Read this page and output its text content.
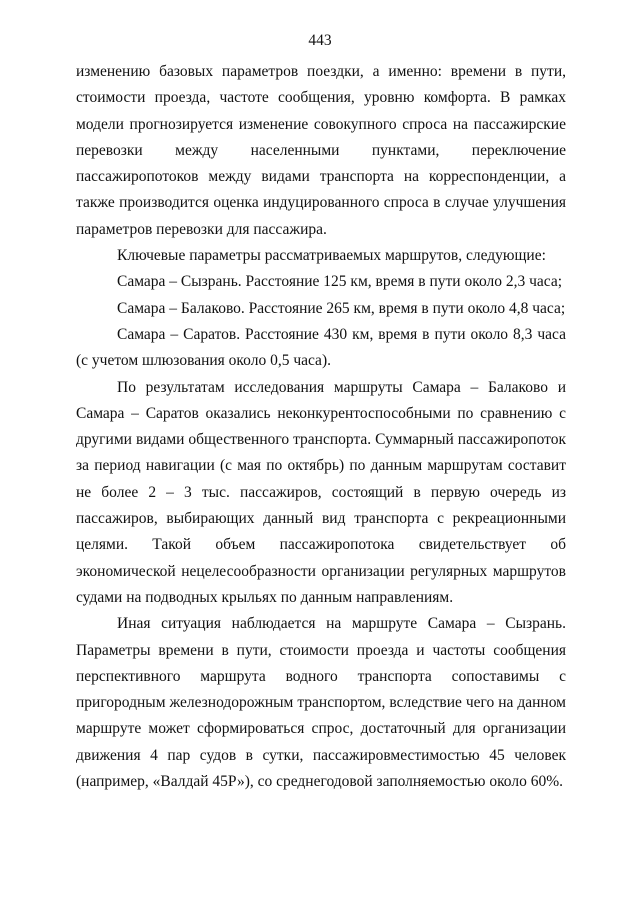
443

изменению базовых параметров поездки, а именно: времени в пути, стоимости проезда, частоте сообщения, уровню комфорта. В рамках модели прогнозируется изменение совокупного спроса на пассажирские перевозки между населенными пунктами, переключение пассажиропотоков между видами транспорта на корреспонденции, а также производится оценка индуцированного спроса в случае улучшения параметров перевозки для пассажира.

Ключевые параметры рассматриваемых маршрутов, следующие:

Самара – Сызрань. Расстояние 125 км, время в пути около 2,3 часа;

Самара – Балаково. Расстояние 265 км, время в пути около 4,8 часа;

Самара – Саратов. Расстояние 430 км, время в пути около 8,3 часа (с учетом шлюзования около 0,5 часа).

По результатам исследования маршруты Самара – Балаково и Самара – Саратов оказались неконкурентоспособными по сравнению с другими видами общественного транспорта. Суммарный пассажиропоток за период навигации (с мая по октябрь) по данным маршрутам составит не более 2 – 3 тыс. пассажиров, состоящий в первую очередь из пассажиров, выбирающих данный вид транспорта с рекреационными целями. Такой объем пассажиропотока свидетельствует об экономической нецелесообразности организации регулярных маршрутов судами на подводных крыльях по данным направлениям.

Иная ситуация наблюдается на маршруте Самара – Сызрань. Параметры времени в пути, стоимости проезда и частоты сообщения перспективного маршрута водного транспорта сопоставимы с пригородным железнодорожным транспортом, вследствие чего на данном маршруте может сформироваться спрос, достаточный для организации движения 4 пар судов в сутки, пассажировместимостью 45 человек (например, «Валдай 45Р»), со среднегодовой заполняемостью около 60%.
